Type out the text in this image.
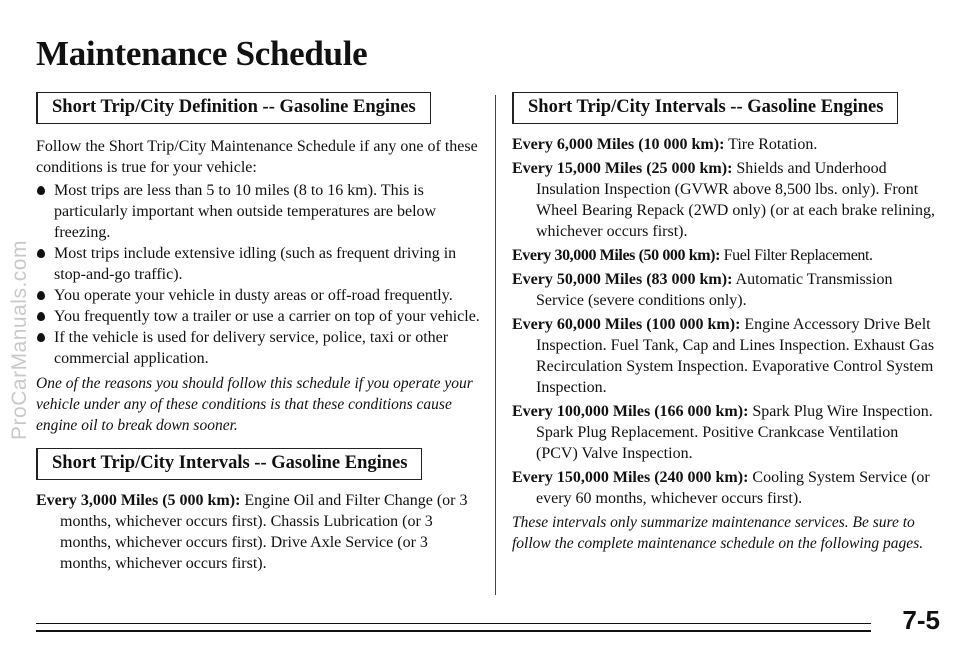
ProCarManuals.com
Maintenance Schedule
Short Trip/City Definition -- Gasoline Engines

Follow the Short Trip/City Maintenance Schedule if any one of these conditions is true for your vehicle:

Most trips are less than 5 to 10 miles (8 to 16 km). This is particularly important when outside temperatures are below freezing.
Most trips include extensive idling (such as frequent driving in stop-and-go traffic).
You operate your vehicle in dusty areas or off-road frequently.
You frequently tow a trailer or use a carrier on top of your vehicle.
If the vehicle is used for delivery service, police, taxi or other commercial application.

One of the reasons you should follow this schedule if you operate your vehicle under any of these conditions is that these conditions cause engine oil to break down sooner.

Short Trip/City Intervals -- Gasoline Engines

Every 3,000 Miles (5 000 km): Engine Oil and Filter Change (or 3 months, whichever occurs first). Chassis Lubrication (or 3 months, whichever occurs first). Drive Axle Service (or 3 months, whichever occurs first).

Short Trip/City Intervals -- Gasoline Engines

Every 6,000 Miles (10 000 km): Tire Rotation.

Every 15,000 Miles (25 000 km): Shields and Underhood Insulation Inspection (GVWR above 8,500 lbs. only). Front Wheel Bearing Repack (2WD only) (or at each brake relining, whichever occurs first).

Every 30,000 Miles (50 000 km): Fuel Filter Replacement.

Every 50,000 Miles (83 000 km): Automatic Transmission Service (severe conditions only).

Every 60,000 Miles (100 000 km): Engine Accessory Drive Belt Inspection. Fuel Tank, Cap and Lines Inspection. Exhaust Gas Recirculation System Inspection. Evaporative Control System Inspection.

Every 100,000 Miles (166 000 km): Spark Plug Wire Inspection. Spark Plug Replacement. Positive Crankcase Ventilation (PCV) Valve Inspection.

Every 150,000 Miles (240 000 km): Cooling System Service (or every 60 months, whichever occurs first).

These intervals only summarize maintenance services. Be sure to follow the complete maintenance schedule on the following pages.

7-5
